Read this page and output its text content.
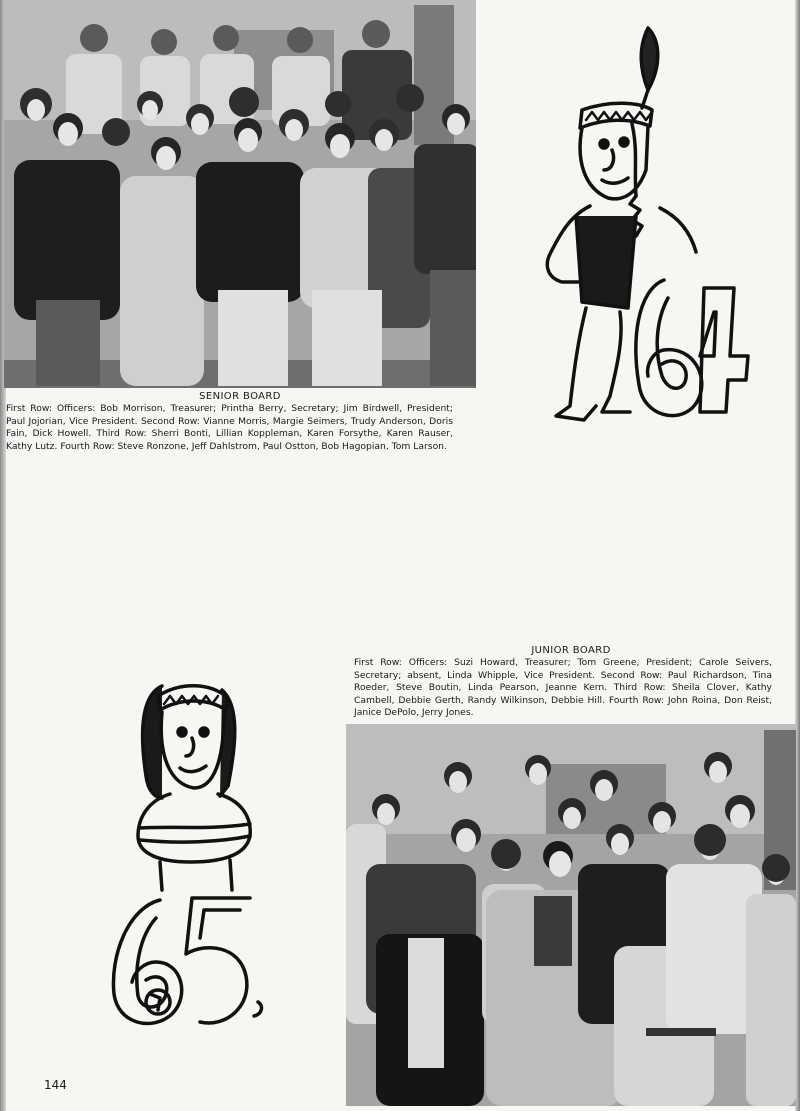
SENIOR BOARD
First Row: Officers: Bob Morrison, Treasurer; Printha Berry, Secretary; Jim Birdwell, President; Paul Jojorian, Vice President. Second Row: Vianne Morris, Margie Seimers, Trudy Anderson, Doris Fain, Dick Howell. Third Row: Sherri Bonti, Lillian Koppleman, Karen Forsythe, Karen Rauser, Kathy Lutz. Fourth Row: Steve Ronzone, Jeff Dahlstrom, Paul Ostton, Bob Hagopian, Tom Larson.
JUNIOR BOARD
First Row: Officers: Suzi Howard, Treasurer; Tom Greene, President; Carole Seivers, Secretary; absent, Linda Whipple, Vice President. Second Row: Paul Richardson, Tina Roeder, Steve Boutin, Linda Pearson, Jeanne Kern. Third Row: Sheila Clover, Kathy Cambell, Debbie Gerth, Randy Wilkinson, Debbie Hill. Fourth Row: John Roina, Don Reist, Janice DePolo, Jerry Jones.
144
